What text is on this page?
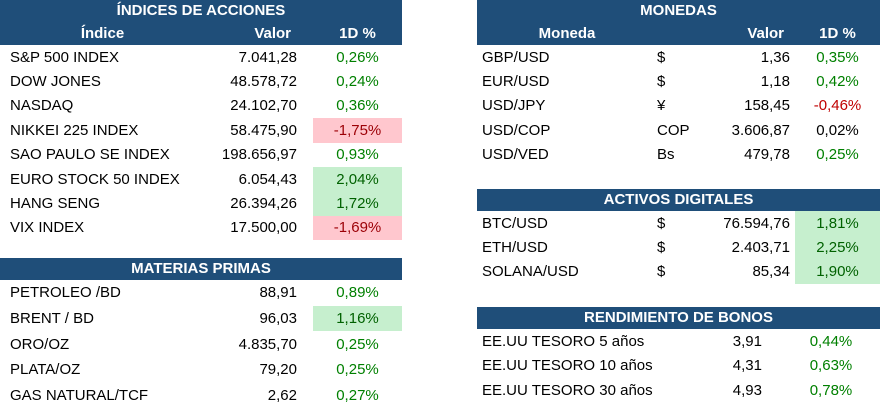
ÍNDICES DE ACCIONES
Índice	Valor	1D %
S&P 500 INDEX	7.041,28	0,26%
DOW JONES	48.578,72	0,24%
NASDAQ	24.102,70	0,36%
NIKKEI 225 INDEX	58.475,90	-1,75%
SAO PAULO SE INDEX	198.656,97	0,93%
EURO STOCK 50 INDEX	6.054,43	2,04%
HANG SENG	26.394,26	1,72%
VIX INDEX	17.500,00	-1,69%
MATERIAS PRIMAS
PETROLEO /BD	88,91	0,89%
BRENT / BD	96,03	1,16%
ORO/OZ	4.835,70	0,25%
PLATA/OZ	79,20	0,25%
GAS NATURAL/TCF	2,62	0,27%
MONEDAS
Moneda	Valor	1D %
GBP/USD	$	1,36	0,35%
EUR/USD	$	1,18	0,42%
USD/JPY	¥	158,45	-0,46%
USD/COP	COP	3.606,87	0,02%
USD/VED	Bs	479,78	0,25%
ACTIVOS DIGITALES
BTC/USD	$	76.594,76	1,81%
ETH/USD	$	2.403,71	2,25%
SOLANA/USD	$	85,34	1,90%
RENDIMIENTO DE BONOS
EE.UU TESORO 5 años	3,91	0,44%
EE.UU TESORO 10 años	4,31	0,63%
EE.UU TESORO 30 años	4,93	0,78%
